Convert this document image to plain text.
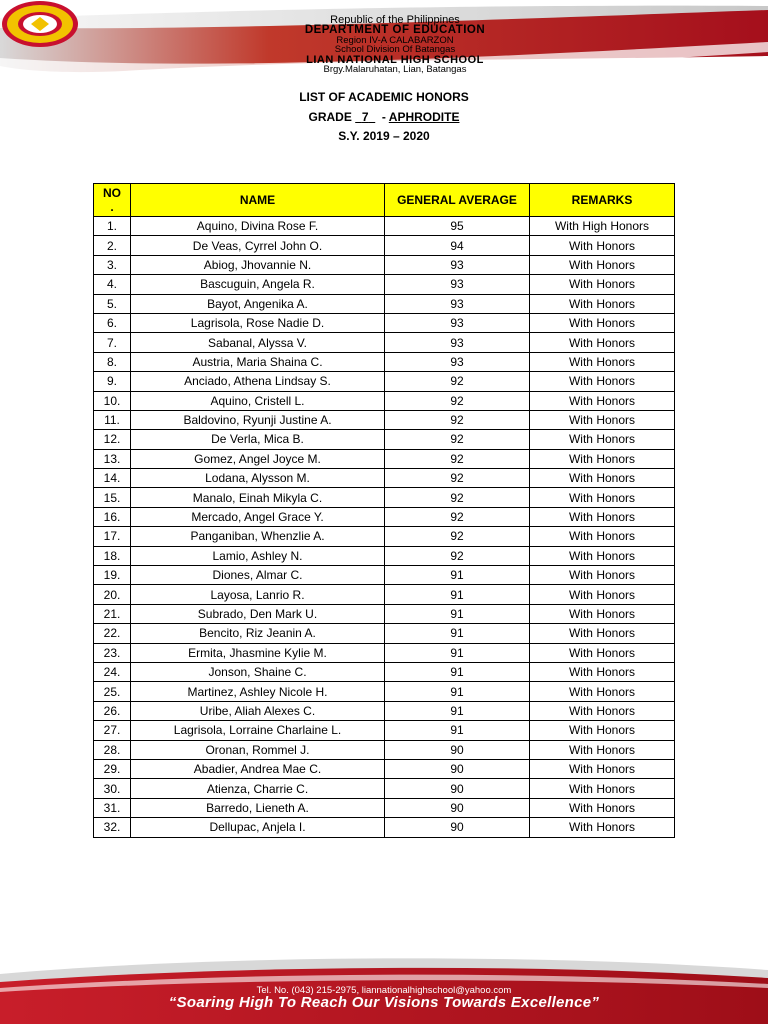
Republic of the Philippines
DEPARTMENT OF EDUCATION
Region IV-A CALABARZON
School Division Of Batangas
LIAN NATIONAL HIGH SCHOOL
Brgy.Malaruhatan, Lian, Batangas
LIST OF ACADEMIC HONORS
GRADE 7    - APHRODITE
S.Y. 2019 – 2020
NO
.	NAME	GENERAL AVERAGE	REMARKS
1.	Aquino, Divina Rose F.	95	With High Honors
2.	De Veas, Cyrrel John O.	94	With Honors
3.	Abiog, Jhovannie N.	93	With Honors
4.	Bascuguin, Angela R.	93	With Honors
5.	Bayot, Angenika A.	93	With Honors
6.	Lagrisola, Rose Nadie D.	93	With Honors
7.	Sabanal, Alyssa V.	93	With Honors
8.	Austria, Maria Shaina C.	93	With Honors
9.	Anciado, Athena Lindsay S.	92	With Honors
10.	Aquino, Cristell L.	92	With Honors
11.	Baldovino, Ryunji Justine A.	92	With Honors
12.	De Verla, Mica B.	92	With Honors
13.	Gomez, Angel Joyce M.	92	With Honors
14.	Lodana, Alysson M.	92	With Honors
15.	Manalo, Einah Mikyla C.	92	With Honors
16.	Mercado, Angel Grace Y.	92	With Honors
17.	Panganiban, Whenzlie A.	92	With Honors
18.	Lamio, Ashley N.	92	With Honors
19.	Diones, Almar C.	91	With Honors
20.	Layosa, Lanrio R.	91	With Honors
21.	Subrado, Den Mark U.	91	With Honors
22.	Bencito, Riz Jeanin A.	91	With Honors
23.	Ermita, Jhasmine Kylie M.	91	With Honors
24.	Jonson, Shaine C.	91	With Honors
25.	Martinez, Ashley Nicole H.	91	With Honors
26.	Uribe, Aliah Alexes C.	91	With Honors
27.	Lagrisola, Lorraine Charlaine L.	91	With Honors
28.	Oronan, Rommel J.	90	With Honors
29.	Abadier, Andrea Mae C.	90	With Honors
30.	Atienza, Charrie C.	90	With Honors
31.	Barredo, Lieneth A.	90	With Honors
32.	Dellupac, Anjela I.	90	With Honors
Tel. No. (043) 215-2975, liannationalhighschool@yahoo.com
“Soaring High To Reach Our Visions Towards Excellence”
